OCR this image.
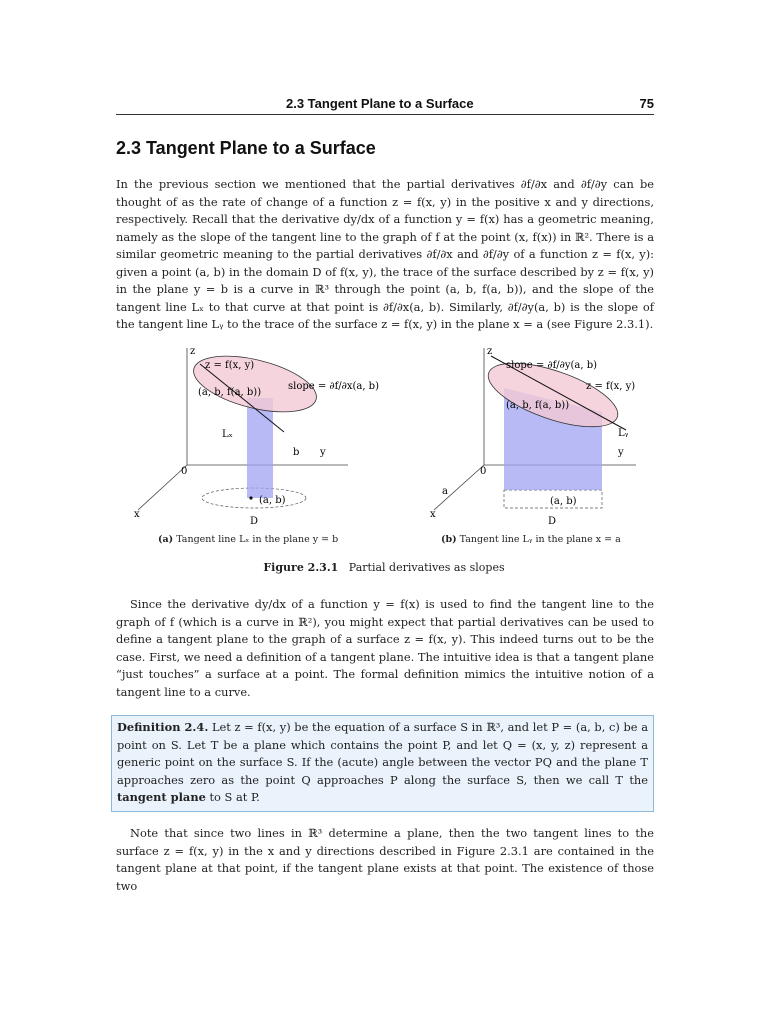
2.3 Tangent Plane to a Surface	75
2.3 Tangent Plane to a Surface

In the previous section we mentioned that the partial derivatives ∂f/∂x and ∂f/∂y can be thought of as the rate of change of a function z = f(x, y) in the positive x and y directions, respectively. Recall that the derivative dy/dx of a function y = f(x) has a geometric meaning, namely as the slope of the tangent line to the graph of f at the point (x, f(x)) in ℝ². There is a similar geometric meaning to the partial derivatives ∂f/∂x and ∂f/∂y of a function z = f(x, y): given a point (a, b) in the domain D of f(x, y), the trace of the surface described by z = f(x, y) in the plane y = b is a curve in ℝ³ through the point (a, b, f(a, b)), and the slope of the tangent line Lₓ to that curve at that point is ∂f/∂x(a, b). Similarly, ∂f/∂y(a, b) is the slope of the tangent line Lᵧ to the trace of the surface z = f(x, y) in the plane x = a (see Figure 2.3.1).

z
z = f(x, y)
(a, b, f(a, b))
slope = ∂f/∂x(a, b)
Lₓ
b y
0
(a, b)
x
D
z
slope = ∂f/∂y(a, b)
z = f(x, y)
(a, b, f(a, b))
Lᵧ
y
0
a
(a, b)
x
D
(a) Tangent line Lₓ in the plane y = b	(b) Tangent line Lᵧ in the plane x = a
Figure 2.3.1 Partial derivatives as slopes

Since the derivative dy/dx of a function y = f(x) is used to find the tangent line to the graph of f (which is a curve in ℝ²), you might expect that partial derivatives can be used to define a tangent plane to the graph of a surface z = f(x, y). This indeed turns out to be the case. First, we need a definition of a tangent plane. The intuitive idea is that a tangent plane “just touches” a surface at a point. The formal definition mimics the intuitive notion of a tangent line to a curve.

Definition 2.4. Let z = f(x, y) be the equation of a surface S in ℝ³, and let P = (a, b, c) be a point on S. Let T be a plane which contains the point P, and let Q = (x, y, z) represent a generic point on the surface S. If the (acute) angle between the vector PQ and the plane T approaches zero as the point Q approaches P along the surface S, then we call T the tangent plane to S at P.

Note that since two lines in ℝ³ determine a plane, then the two tangent lines to the surface z = f(x, y) in the x and y directions described in Figure 2.3.1 are contained in the tangent plane at that point, if the tangent plane exists at that point. The existence of those two
